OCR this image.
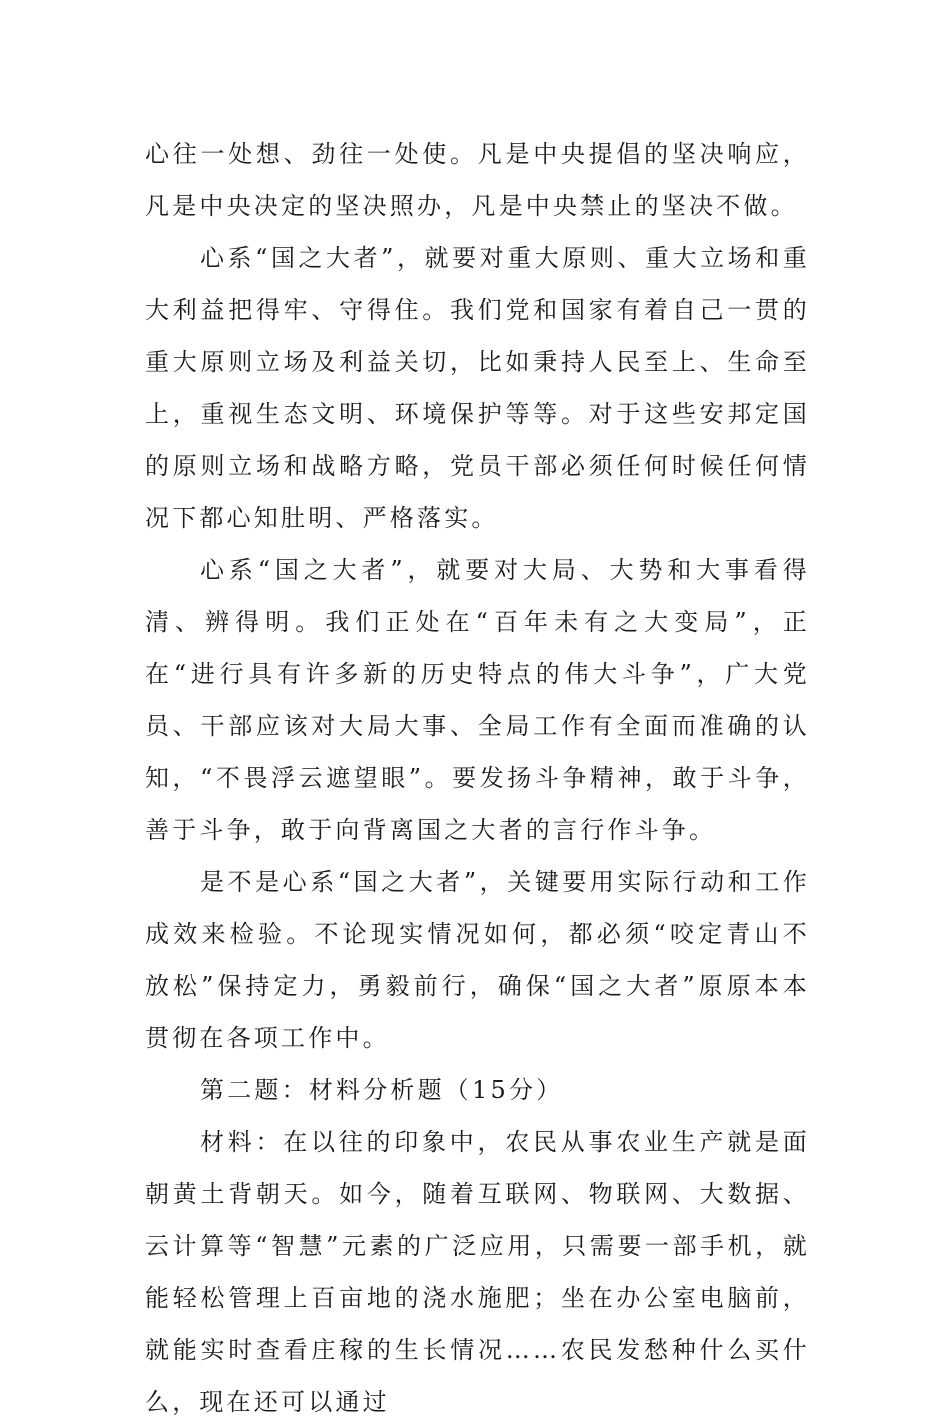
心往一处想、劲往一处使。凡是中央提倡的坚决响应，凡是中央决定的坚决照办，凡是中央禁止的坚决不做。

心系“国之大者”，就要对重大原则、重大立场和重大利益把得牢、守得住。我们党和国家有着自己一贯的重大原则立场及利益关切，比如秉持人民至上、生命至上，重视生态文明、环境保护等等。对于这些安邦定国的原则立场和战略方略，党员干部必须任何时候任何情况下都心知肚明、严格落实。

心系“国之大者”，就要对大局、大势和大事看得清、辨得明。我们正处在“百年未有之大变局”，正在“进行具有许多新的历史特点的伟大斗争”，广大党员、干部应该对大局大事、全局工作有全面而准确的认知，“不畏浮云遮望眼”。要发扬斗争精神，敢于斗争，善于斗争，敢于向背离国之大者的言行作斗争。

是不是心系“国之大者”，关键要用实际行动和工作成效来检验。不论现实情况如何，都必须“咬定青山不放松”保持定力，勇毅前行，确保“国之大者”原原本本贯彻在各项工作中。

第二题：材料分析题（15分）

材料：在以往的印象中，农民从事农业生产就是面朝黄土背朝天。如今，随着互联网、物联网、大数据、云计算等“智慧”元素的广泛应用，只需要一部手机，就能轻松管理上百亩地的浇水施肥；坐在办公室电脑前，就能实时查看庄稼的生长情况……农民发愁种什么买什么，现在还可以通过
